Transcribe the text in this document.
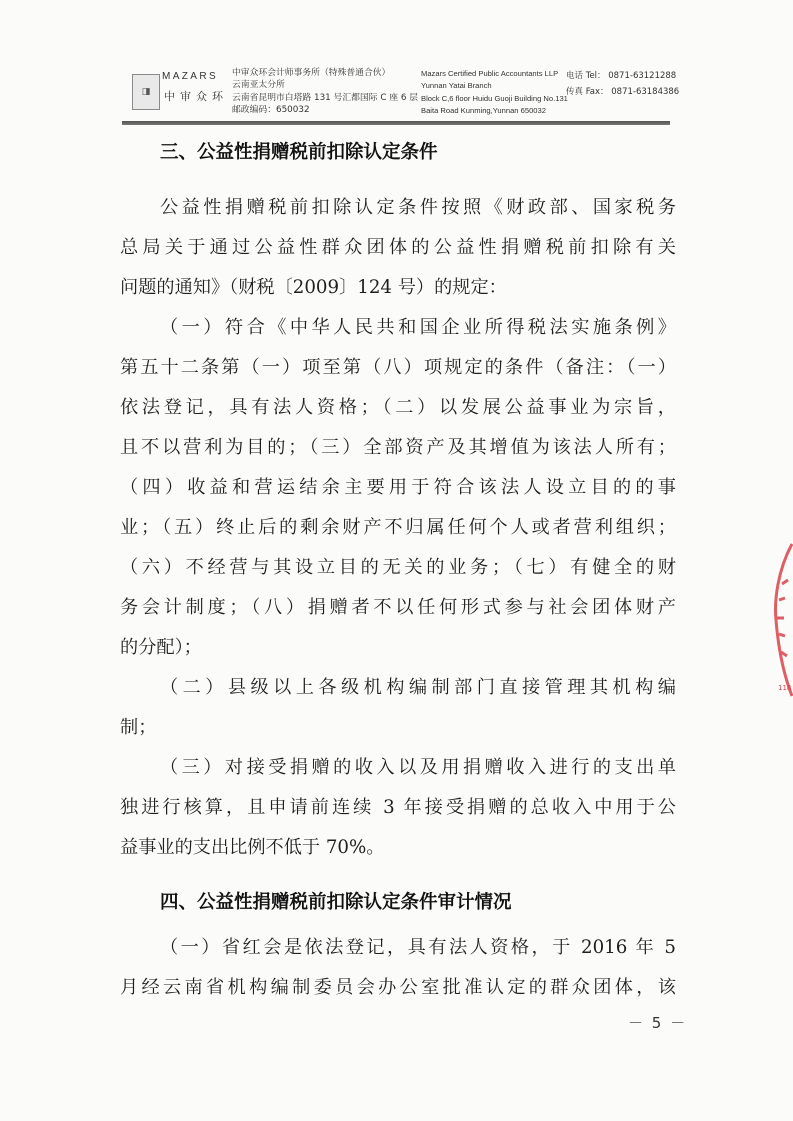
◨
MAZARS
中审众环
中审众环会计师事务所（特殊普通合伙）
云南亚太分所
云南省昆明市白塔路 131 号汇都国际 C 座 6 层
邮政编码：650032
Mazars Certified Public Accountants LLP
Yunnan Yatai Branch
Block C,6 floor Huidu Guoji Building No.131
Baita Road Kunming,Yunnan 650032
电话 Tel： 0871-63121288
传真 Fax： 0871-63184386
三、公益性捐赠税前扣除认定条件
公益性捐赠税前扣除认定条件按照《财政部、国家税务
总局关于通过公益性群众团体的公益性捐赠税前扣除有关
问题的通知》（财税〔2009〕124 号）的规定：
（一）符合《中华人民共和国企业所得税法实施条例》
第五十二条第（一）项至第（八）项规定的条件（备注：（一）
依法登记，具有法人资格；（二）以发展公益事业为宗旨，
且不以营利为目的；（三）全部资产及其增值为该法人所有；
（四）收益和营运结余主要用于符合该法人设立目的的事
业；（五）终止后的剩余财产不归属任何个人或者营利组织；
（六）不经营与其设立目的无关的业务；（七）有健全的财
务会计制度；（八）捐赠者不以任何形式参与社会团体财产
的分配）；
（二）县级以上各级机构编制部门直接管理其机构编
制；
（三）对接受捐赠的收入以及用捐赠收入进行的支出单
独进行核算，且申请前连续 3 年接受捐赠的总收入中用于公
益事业的支出比例不低于 70%。
四、公益性捐赠税前扣除认定条件审计情况
（一）省红会是依法登记，具有法人资格，于 2016 年 5
月经云南省机构编制委员会办公室批准认定的群众团体，该
－ 5 －
118
